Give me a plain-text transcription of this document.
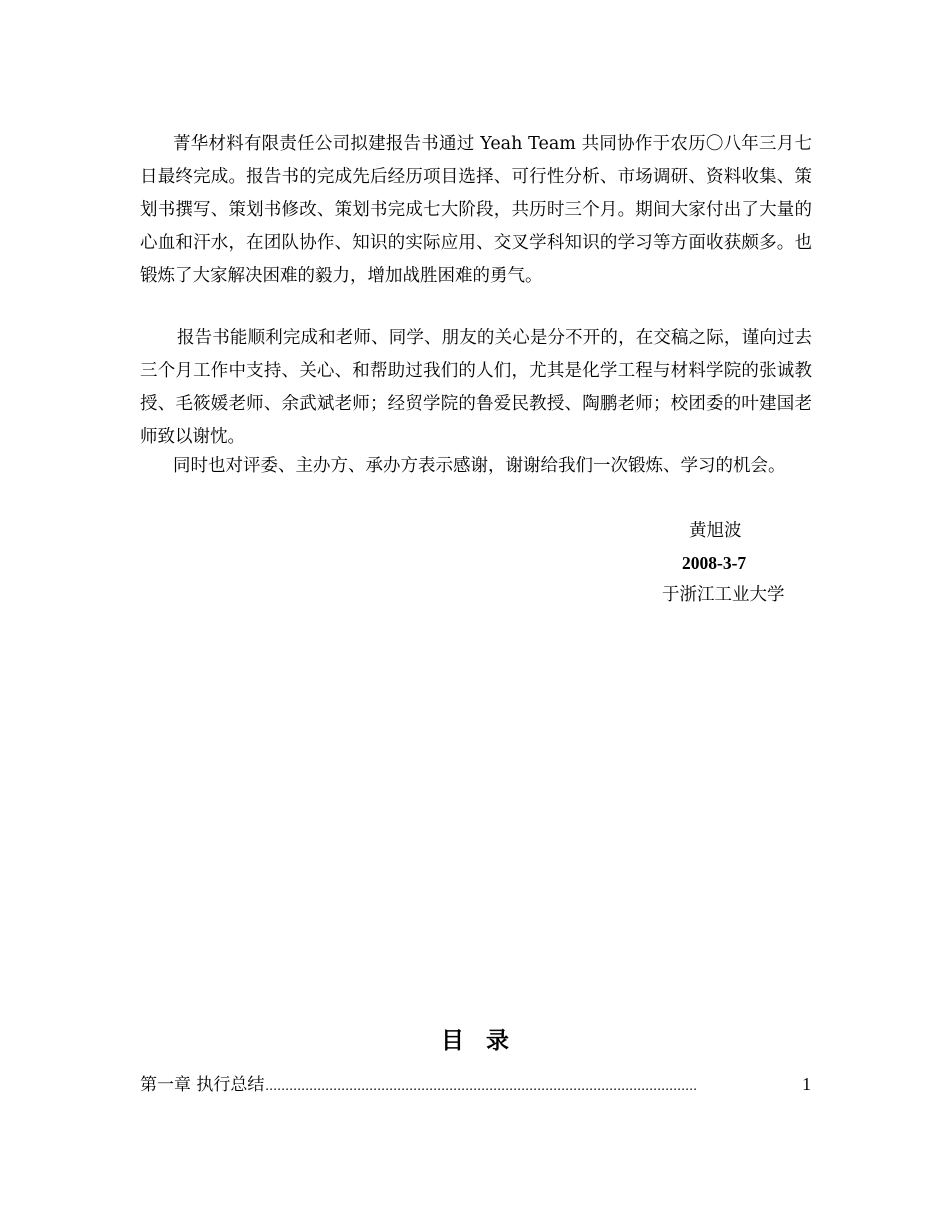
菁华材料有限责任公司拟建报告书通过 Yeah Team 共同协作于农历〇八年三月七日最终完成。报告书的完成先后经历项目选择、可行性分析、市场调研、资料收集、策划书撰写、策划书修改、策划书完成七大阶段，共历时三个月。期间大家付出了大量的心血和汗水，在团队协作、知识的实际应用、交叉学科知识的学习等方面收获颇多。也锻炼了大家解决困难的毅力，增加战胜困难的勇气。

报告书能顺利完成和老师、同学、朋友的关心是分不开的，在交稿之际，谨向过去三个月工作中支持、关心、和帮助过我们的人们，尤其是化学工程与材料学院的张诚教授、毛筱媛老师、余武斌老师；经贸学院的鲁爱民教授、陶鹏老师；校团委的叶建国老师致以谢忱。

同时也对评委、主办方、承办方表示感谢，谢谢给我们一次锻炼、学习的机会。

黄旭波

2008-3-7

于浙江工业大学

目录
第一章 执行总结 ............................................................................................................	1
